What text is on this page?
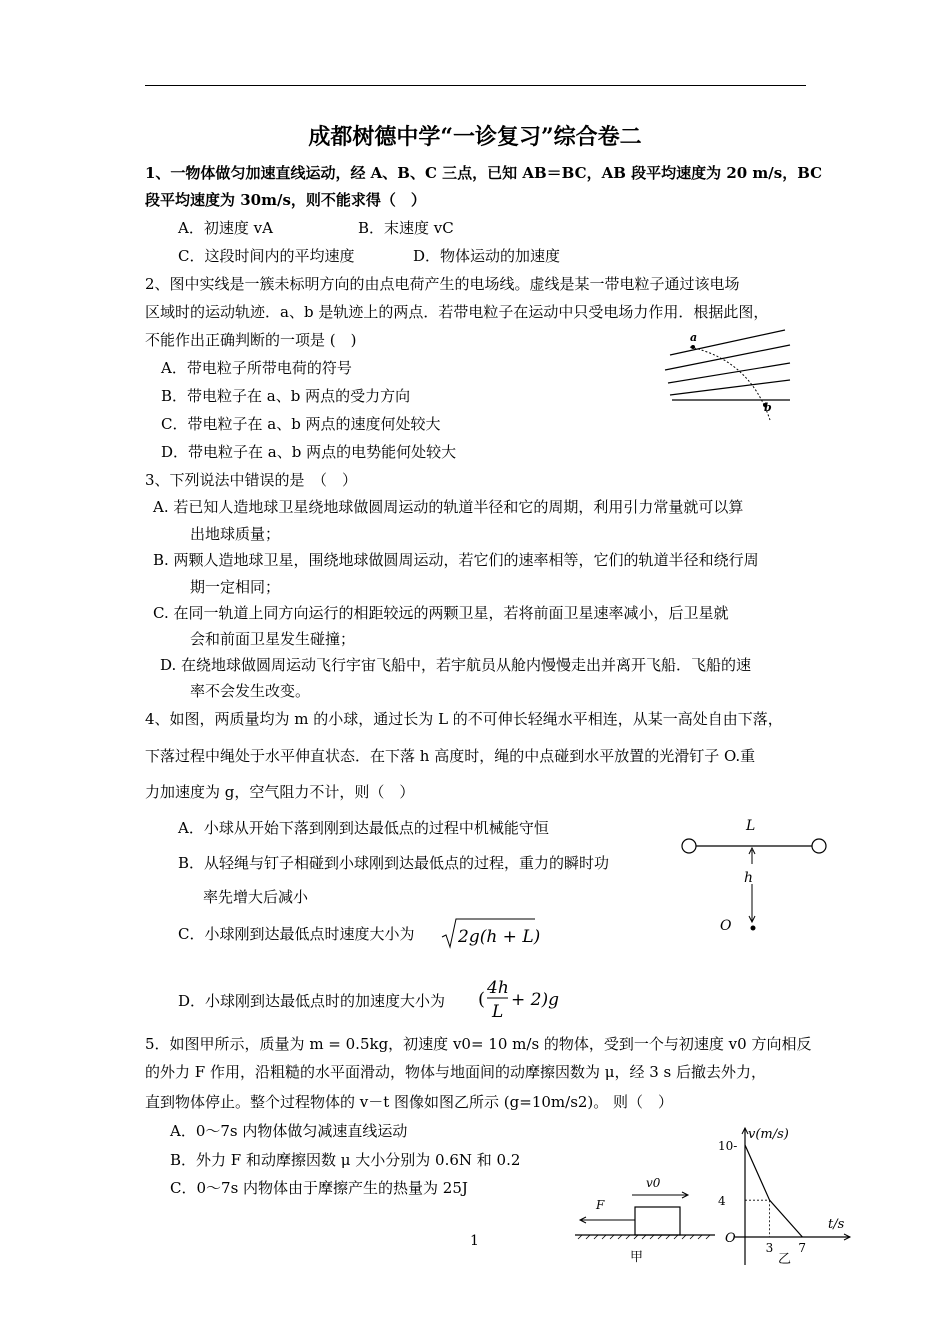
成都树德中学“一诊复习”综合卷二
1、一物体做匀加速直线运动，经 A、B、C 三点，已知 AB＝BC，AB 段平均速度为 20 m/s，BC
段平均速度为 30m/s，则不能求得（　）
A．初速度 vA	B．末速度 vC
C．这段时间内的平均速度	D．物体运动的加速度
2、图中实线是一簇未标明方向的由点电荷产生的电场线。虚线是某一带电粒子通过该电场
区域时的运动轨迹．a、b 是轨迹上的两点．若带电粒子在运动中只受电场力作用．根据此图，
不能作出正确判断的一项是 (　)
A．带电粒子所带电荷的符号
B．带电粒子在 a、b 两点的受力方向
C．带电粒子在 a、b 两点的速度何处较大
D．带电粒子在 a、b 两点的电势能何处较大
a
b
3、下列说法中错误的是　（　）
A. 若已知人造地球卫星绕地球做圆周运动的轨道半径和它的周期，利用引力常量就可以算
出地球质量；
B. 两颗人造地球卫星，围绕地球做圆周运动，若它们的速率相等，它们的轨道半径和绕行周
期一定相同；
C. 在同一轨道上同方向运行的相距较远的两颗卫星，若将前面卫星速率减小，后卫星就
会和前面卫星发生碰撞；
D. 在绕地球做圆周运动飞行宇宙飞船中，若宇航员从舱内慢慢走出并离开飞船．飞船的速
率不会发生改变。
4、如图，两质量均为 m 的小球，通过长为 L 的不可伸长轻绳水平相连，从某一高处自由下落，
下落过程中绳处于水平伸直状态．在下落 h 高度时，绳的中点碰到水平放置的光滑钉子 O.重
力加速度为 g，空气阻力不计，则（　）
A．小球从开始下落到刚到达最低点的过程中机械能守恒
B．从轻绳与钉子相碰到小球刚到达最低点的过程，重力的瞬时功
率先增大后减小
C．小球刚到达最低点时速度大小为	2g(h + L)
D．小球刚到达最低点时的加速度大小为 (
4h
L
+ 2)g
L
h
O
5．如图甲所示，质量为 m = 0.5kg，初速度 v0= 10 m/s 的物体，受到一个与初速度 v0 方向相反
的外力 F 作用，沿粗糙的水平面滑动，物体与地面间的动摩擦因数为 μ，经 3 s 后撤去外力，
直到物体停止。整个过程物体的 v－t 图像如图乙所示 (g=10m/s2)。 则（　）
A．0～7s 内物体做匀减速直线运动
B．外力 F 和动摩擦因数 μ 大小分别为 0.6N 和 0.2
C．0～7s 内物体由于摩擦产生的热量为 25J	v0
F
甲
v(m/s)
t/s
O
乙
10-
4
3 7
1
